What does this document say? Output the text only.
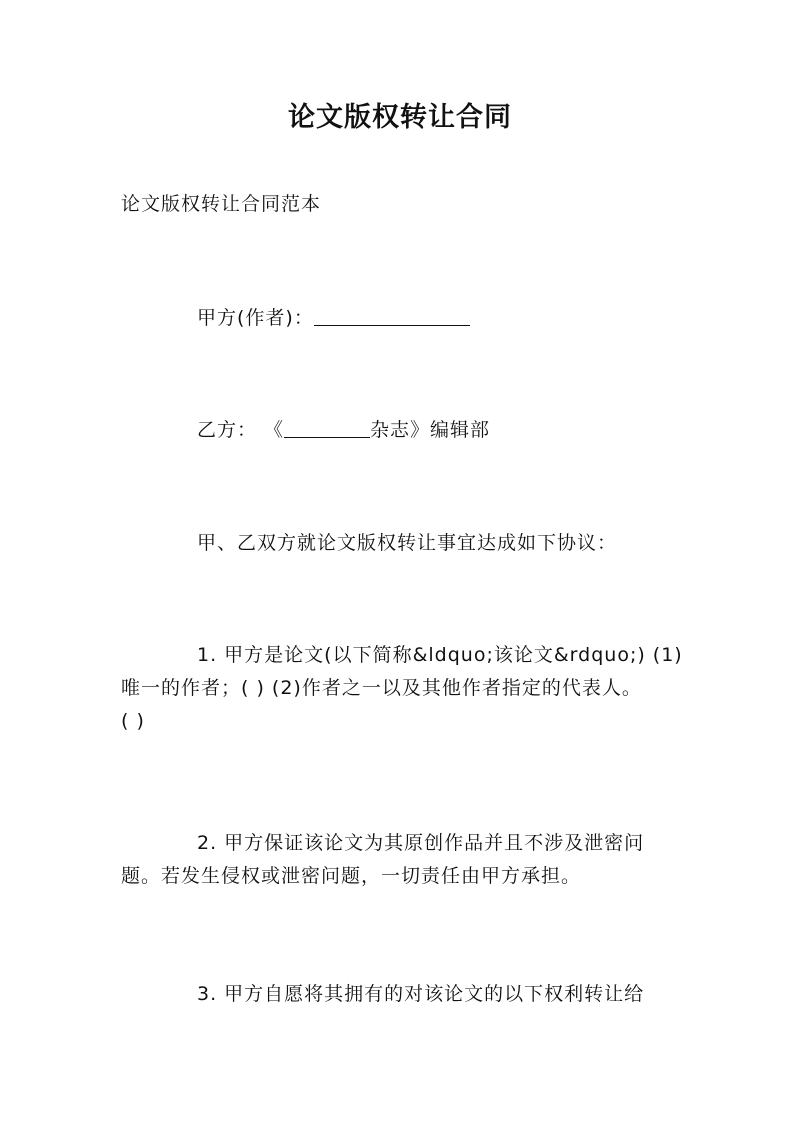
论文版权转让合同
论文版权转让合同范本
甲方(作者)：
乙方： 《	杂志》编辑部
甲、乙双方就论文版权转让事宜达成如下协议：
1. 甲方是论文(以下简称&ldquo;该论文&rdquo;) (1)
唯一的作者；( ) (2)作者之一以及其他作者指定的代表人。
( )
2. 甲方保证该论文为其原创作品并且不涉及泄密问
题。若发生侵权或泄密问题，一切责任由甲方承担。
3. 甲方自愿将其拥有的对该论文的以下权利转让给
